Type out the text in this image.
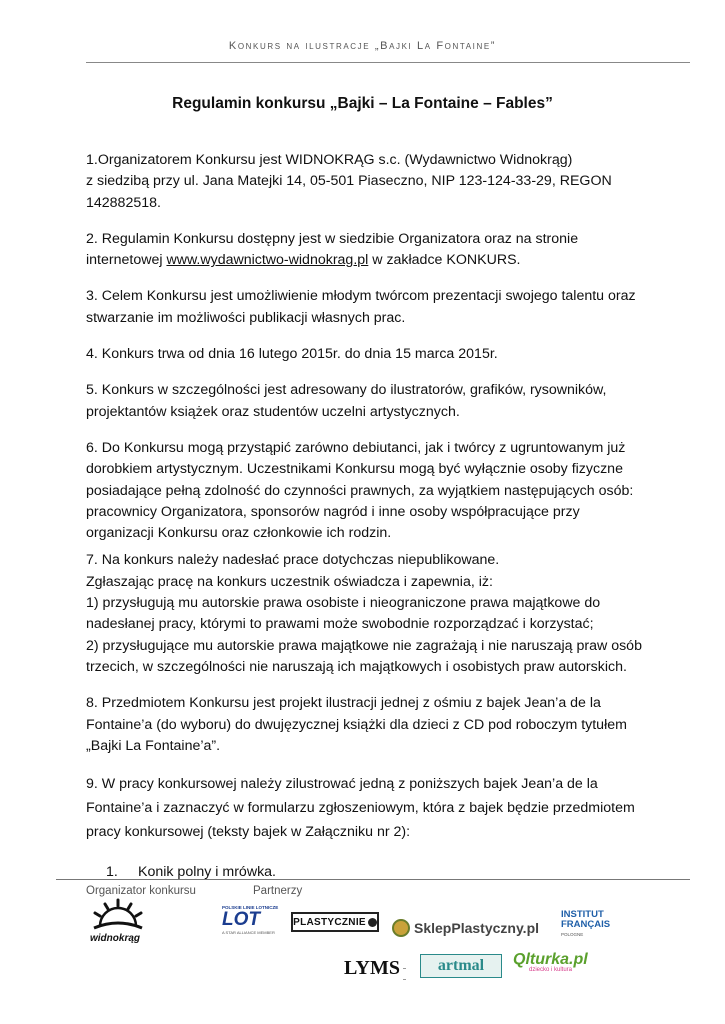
Konkurs na ilustracje „Bajki La Fontaine”
Regulamin konkursu „Bajki – La Fontaine – Fables”

1.Organizatorem Konkursu jest WIDNOKRĄG s.c. (Wydawnictwo Widnokrąg)
z siedzibą przy ul. Jana Matejki 14, 05-501 Piaseczno, NIP 123-124-33-29, REGON
142882518.

2. Regulamin Konkursu dostępny jest w siedzibie Organizatora oraz na stronie
internetowej www.wydawnictwo-widnokrag.pl w zakładce KONKURS.

3. Celem Konkursu jest umożliwienie młodym twórcom prezentacji swojego talentu oraz
stwarzanie im możliwości publikacji własnych prac.

4. Konkurs trwa od dnia 16 lutego 2015r. do dnia 15 marca 2015r.

5. Konkurs w szczególności jest adresowany do ilustratorów, grafików, rysowników,
projektantów książek oraz studentów uczelni artystycznych.

6. Do Konkursu mogą przystąpić zarówno debiutanci, jak i twórcy z ugruntowanym już
dorobkiem artystycznym. Uczestnikami Konkursu mogą być wyłącznie osoby fizyczne
posiadające pełną zdolność do czynności prawnych, za wyjątkiem następujących osób:
pracownicy Organizatora, sponsorów nagród i inne osoby współpracujące przy
organizacji Konkursu oraz członkowie ich rodzin.

7. Na konkurs należy nadesłać prace dotychczas niepublikowane.
Zgłaszając pracę na konkurs uczestnik oświadcza i zapewnia, iż:
1) przysługują mu autorskie prawa osobiste i nieograniczone prawa majątkowe do
nadesłanej pracy, którymi to prawami może swobodnie rozporządzać i korzystać;
2) przysługujące mu autorskie prawa majątkowe nie zagrażają i nie naruszają praw osób
trzecich, w szczególności nie naruszają ich majątkowych i osobistych praw autorskich.

8. Przedmiotem Konkursu jest projekt ilustracji jednej z ośmiu z bajek Jean’a de la
Fontaine’a (do wyboru) do dwujęzycznej książki dla dzieci z CD pod roboczym tytułem
„Bajki La Fontaine’a”.

9. W pracy konkursowej należy zilustrować jedną z poniższych bajek Jean’a de la
Fontaine’a i zaznaczyć w formularzu zgłoszeniowym, która z bajek będzie przedmiotem
pracy konkursowej (teksty bajek w Załączniku nr 2):

1.	Konik polny i mrówka.
Organizator konkursu	Partnerzy
widnokrąg
POLSKIE LINIE LOTNICZE
LOT
A STAR ALLIANCE MEMBER
PLASTYCZNIE	SklepPlastyczny.pl
INSTITUT
FRANÇAIS
POLOGNE
LYMS artmal Qlturka.pl
dziecko i kultura
